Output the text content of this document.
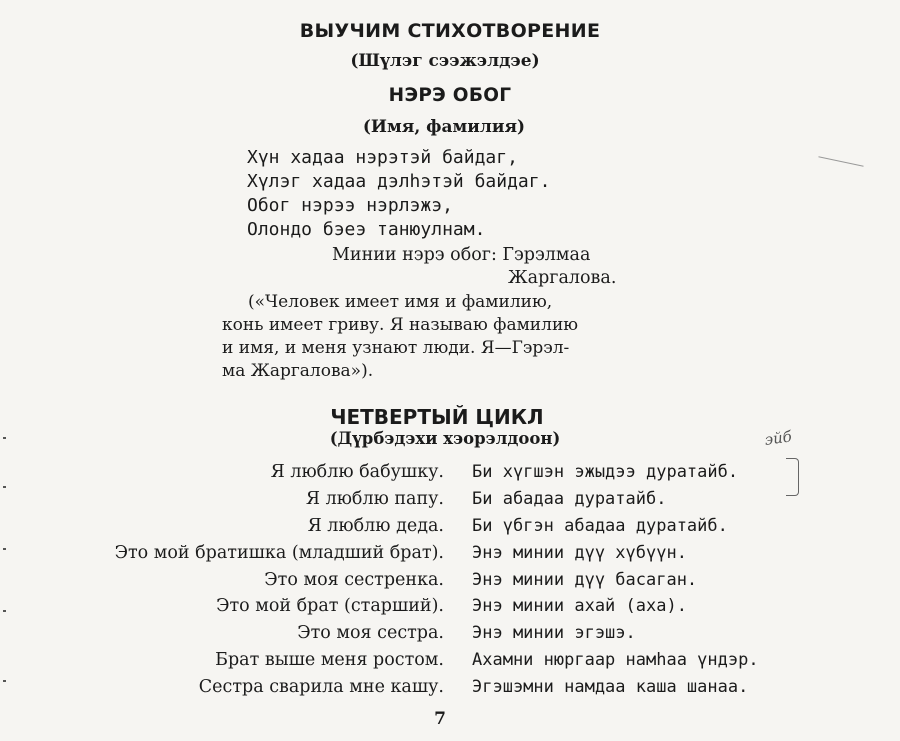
ВЫУЧИМ СТИХОТВОРЕНИЕ
(Шүлэг сээжэлдэе)
НЭРЭ ОБОГ
(Имя, фамилия)
Хүн хадаа нэрэтэй байдаг,
Хүлэг хадаа дэлhэтэй байдаг.
Обог нэрээ нэрлэжэ,
Олондо бэеэ танюулнам.
Минии нэрэ обог: Гэрэлмаа
Жаргалова.
(«Человек имеет имя и фамилию,
конь имеет гриву. Я называю фамилию
и имя, и меня узнают люди. Я—Гэрэл-
ма Жаргалова»).
ЧЕТВЕРТЫЙ ЦИКЛ
(Дүрбэдэхи хэорэлдоон)
Я люблю бабушку.
Я люблю папу.
Я люблю деда.
Это мой братишка (младший брат).
Это моя сестренка.
Это мой брат (старший).
Это моя сестра.
Брат выше меня ростом.
Сестра сварила мне кашу.
Би хүгшэн эжыдээ дуратайб.
Би абадаа дуратайб.
Би үбгэн абадаа дуратайб.
Энэ минии дүү хүбүүн.
Энэ минии дүү басаган.
Энэ минии ахай (аха).
Энэ минии эгэшэ.
Ахамни нюргаар намhаа үндэр.
Эгэшэмни намдаа каша шанаа.
эйб
7
